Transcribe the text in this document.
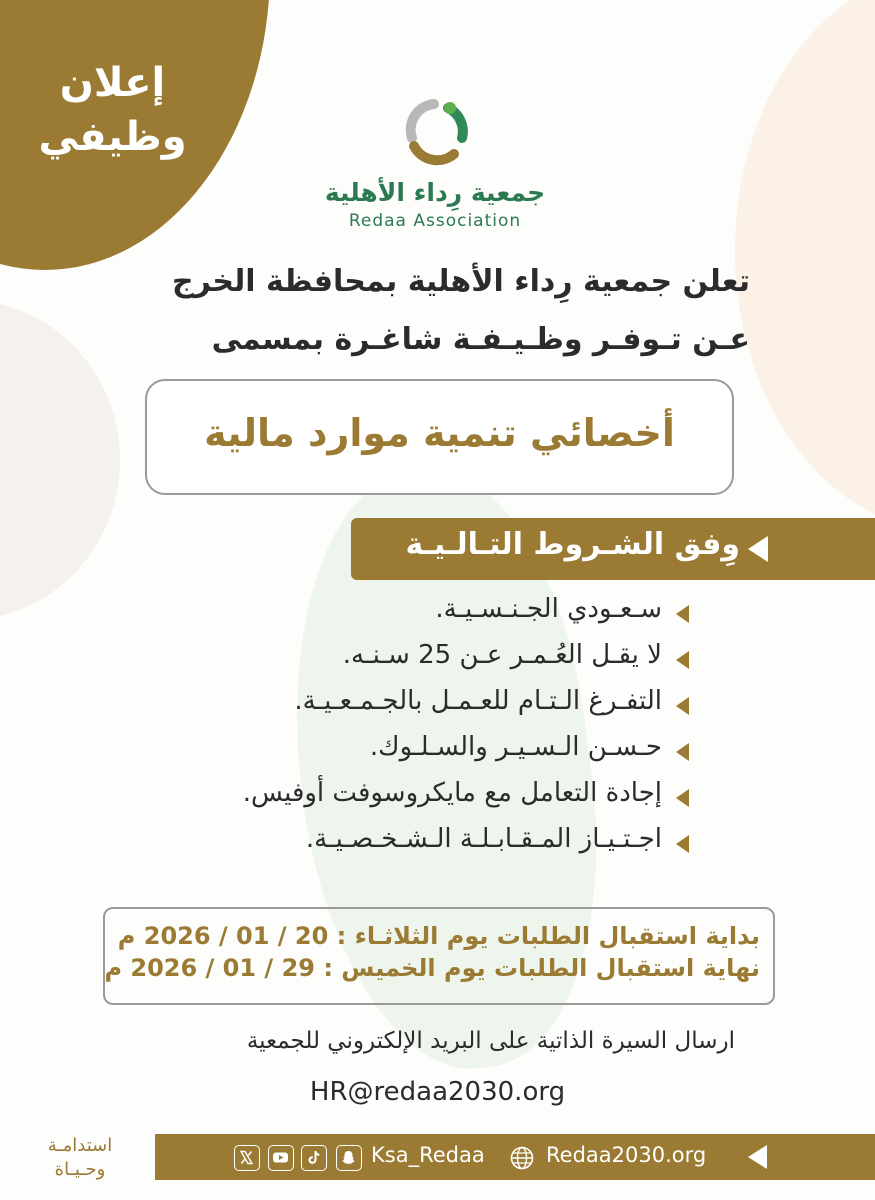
إعلان
وظيفي
جمعية رِداء الأهلية
Redaa Association
تعلن جمعية رِداء الأهلية بمحافظة الخرج
عـن تـوفـر وظـيـفـة شاغـرة بمسمى
أخصائي تنمية موارد مالية
وِفق الشـروط التـالـيـة
سـعـودي الجـنـسـيـة.
لا يقـل العُـمـر عـن 25 سـنـه.
التفـرغ الـتـام للعـمـل بالجـمـعـيـة.
حـسـن الـسـيـر والسـلـوك.
إجادة التعامل مع مايكروسوفت أوفيس.
اجـتـيـاز المـقـابـلـة الـشـخـصـيـة.
بداية استقبال الطلبات يوم الثلاثـاء : 20 / 01 / 2026 م
نهاية استقبال الطلبات يوم الخميس : 29 / 01 / 2026 م
ارسال السيرة الذاتية على البريد الإلكتروني للجمعية
HR@redaa2030.org
استدامـة
وحـيـاة
Redaa2030.org
Ksa_Redaa
